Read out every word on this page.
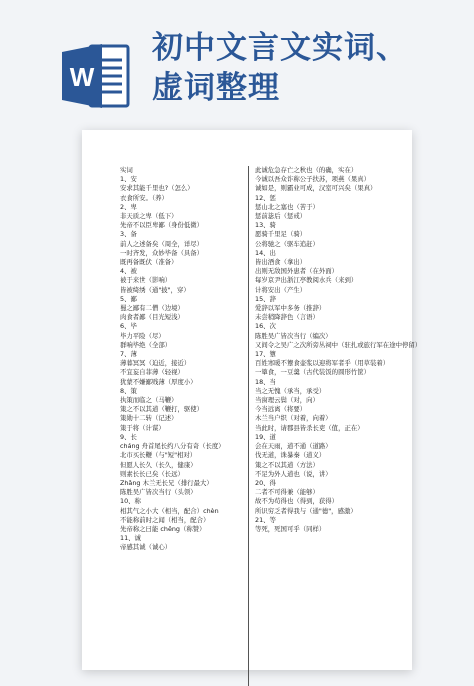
W
初中文言文实词、
虚词整理
实词
1、安
安求其能千里也?（怎么）
衣食所安。（养）
2、卑
非天质之卑（低下）
先帝不以臣卑鄙（身份低微）
3、备
前人之述备矣（周全，详尽）
一时齐发，众妙毕备（具备）
既再备既伏（准备）
4、被
被于来世（影响）
皆被绮绣（通"披"，穿）
5、鄙
蜀之鄙有二僧（边境）
肉食者鄙（目光短浅）
6、毕
毕力平险（尽）
群响毕绝（全部）
7、薄
薄暮冥冥（迫近，接近）
不宜妄自菲薄（轻视）
犹蒙不嫌鄙贱薄（厚度小）
8、策
执策而临之（马鞭）
策之不以其道（鞭打，驱使）
策勋十二转（记述）
策于将（计谋）
9、长
cháng 舟首尾长约八分有奇（长度）
北市买长鞭（与"短"相对）
但愿人长久（长久，健康）
则素长长已矣（长远）
Zhǎng 木兰无长兄（排行最大）
陈胜吴广皆次当行（头领）
10、称
相其气之小大（相当，配合）chèn
不能称前时之闻（相当，配合）
先帝称之曰能 chēng（称赞）
11、诚
帝感其诚（诚心）
此诚危急存亡之秋也（的确，实在）
今诚以吾众诈称公子扶苏，项燕（果真）
诚如是，则霸业可成，汉室可兴矣（果真）
12、惩
惩山北之塞也（苦于）
惩前毖后（惩戒）
13、骑
愿骑千里足（骑）
公将驰之（驱车追赶）
14、出
皆出酒食（拿出）
出则无敌国外患者（在外面）
每岁京尹出浙江亭教阅水兵（来到）
计将安出（产生）
15、辞
爱辞以军中多务（推辞）
未尝稍降辞色（言语）
16、次
陈胜吴广皆次当行（编次）
又间令之吴广之次所旁丛祠中（驻扎或旅行军在途中停留）
17、簟
百姓寒暖不簟食壶浆以迎将军者乎（用草装着）
一簞食，一豆羹（古代装饭的圆形竹筐）
18、当
当之无愧（承当，承受）
当窗理云鬓（对，向）
今当远离（将要）
木兰当户织（对着，向着）
当此时，请郡县皆杀长吏（值，正在）
19、道
会在天雨，道不通（道路）
伐无道，诛暴秦（道义）
策之不以其道（方法）
不足为外人道也（说，讲）
20、得
二者不可得兼（能够）
故不为苟得也（得到，获得）
所识穷乏者得我与（通"德"，感激）
21、等
等死，死国可乎（同样）
